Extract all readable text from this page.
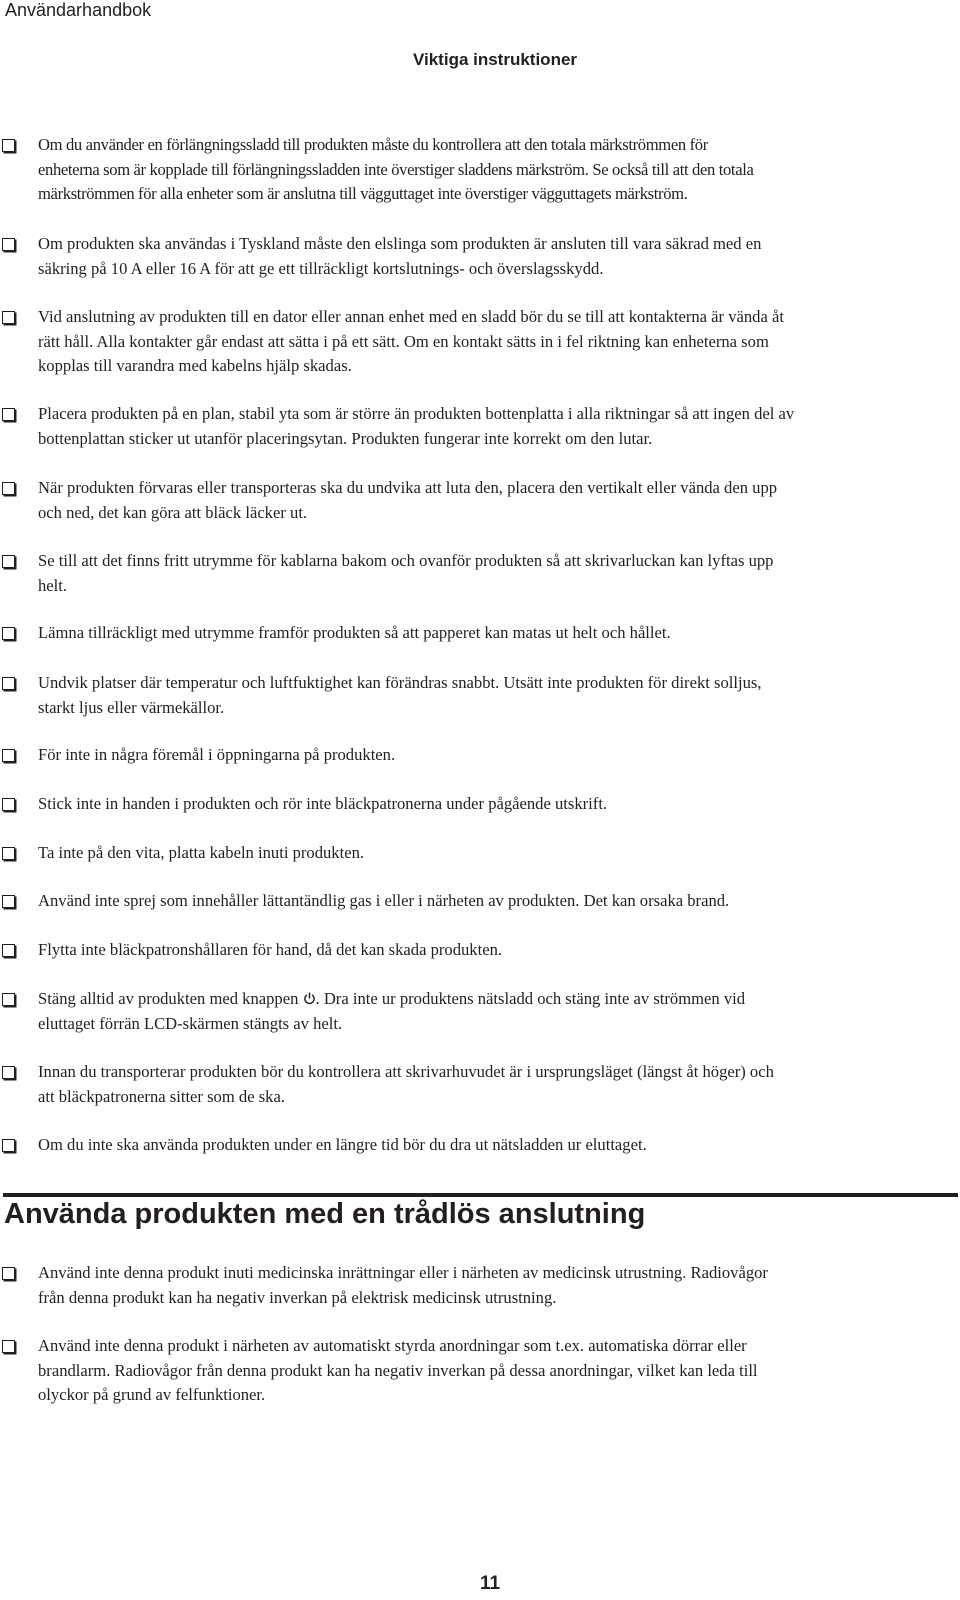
Användarhandbok
Viktiga instruktioner
Om du använder en förlängningssladd till produkten måste du kontrollera att den totala märkströmmen för
enheterna som är kopplade till förlängningssladden inte överstiger sladdens märkström. Se också till att den totala
märkströmmen för alla enheter som är anslutna till vägguttaget inte överstiger vägguttagets märkström.
Om produkten ska användas i Tyskland måste den elslinga som produkten är ansluten till vara säkrad med en
säkring på 10 A eller 16 A för att ge ett tillräckligt kortslutnings- och överslagsskydd.
Vid anslutning av produkten till en dator eller annan enhet med en sladd bör du se till att kontakterna är vända åt
rätt håll. Alla kontakter går endast att sätta i på ett sätt. Om en kontakt sätts in i fel riktning kan enheterna som
kopplas till varandra med kabelns hjälp skadas.
Placera produkten på en plan, stabil yta som är större än produkten bottenplatta i alla riktningar så att ingen del av
bottenplattan sticker ut utanför placeringsytan. Produkten fungerar inte korrekt om den lutar.
När produkten förvaras eller transporteras ska du undvika att luta den, placera den vertikalt eller vända den upp
och ned, det kan göra att bläck läcker ut.
Se till att det finns fritt utrymme för kablarna bakom och ovanför produkten så att skrivarluckan kan lyftas upp
helt.
Lämna tillräckligt med utrymme framför produkten så att papperet kan matas ut helt och hållet.
Undvik platser där temperatur och luftfuktighet kan förändras snabbt. Utsätt inte produkten för direkt solljus,
starkt ljus eller värmekällor.
För inte in några föremål i öppningarna på produkten.
Stick inte in handen i produkten och rör inte bläckpatronerna under pågående utskrift.
Ta inte på den vita, platta kabeln inuti produkten.
Använd inte sprej som innehåller lättantändlig gas i eller i närheten av produkten. Det kan orsaka brand.
Flytta inte bläckpatronshållaren för hand, då det kan skada produkten.
Stäng alltid av produkten med knappen . Dra inte ur produktens nätsladd och stäng inte av strömmen vid
eluttaget förrän LCD-skärmen stängts av helt.
Innan du transporterar produkten bör du kontrollera att skrivarhuvudet är i ursprungsläget (längst åt höger) och
att bläckpatronerna sitter som de ska.
Om du inte ska använda produkten under en längre tid bör du dra ut nätsladden ur eluttaget.
Använda produkten med en trådlös anslutning
Använd inte denna produkt inuti medicinska inrättningar eller i närheten av medicinsk utrustning. Radiovågor
från denna produkt kan ha negativ inverkan på elektrisk medicinsk utrustning.
Använd inte denna produkt i närheten av automatiskt styrda anordningar som t.ex. automatiska dörrar eller
brandlarm. Radiovågor från denna produkt kan ha negativ inverkan på dessa anordningar, vilket kan leda till
olyckor på grund av felfunktioner.
11
